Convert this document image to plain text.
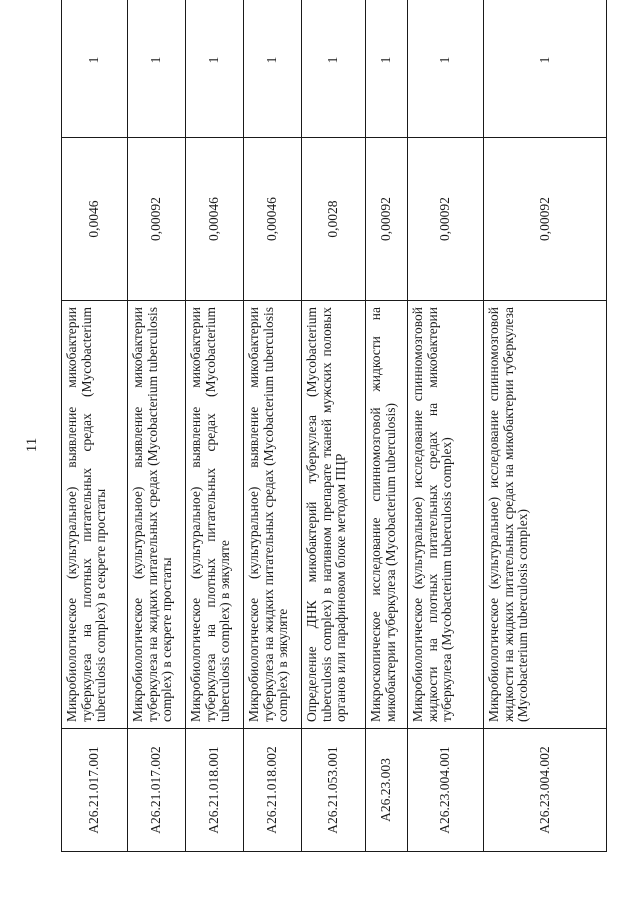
11
A26.21.017.001	Микробиологическое (культуральное) выявление микобактерии туберкулеза на плотных питательных средах (Mycobacterium tuberculosis complex) в секрете простаты	0,0046	1
A26.21.017.002	Микробиологическое (культуральное) выявление микобактерии туберкулеза на жидких питательных средах (Mycobacterium tuberculosis complex) в секрете простаты	0,00092	1
A26.21.018.001	Микробиологическое (культуральное) выявление микобактерии туберкулеза на плотных питательных средах (Mycobacterium tuberculosis complex) в эякуляте	0,00046	1
A26.21.018.002	Микробиологическое (культуральное) выявление микобактерии туберкулеза на жидких питательных средах (Mycobacterium tuberculosis complex) в эякуляте	0,00046	1
A26.21.053.001	Определение ДНК микобактерий туберкулеза (Mycobacterium tuberculosis complex) в нативном препарате тканей мужских половых органов или парафиновом блоке методом ПЦР	0,0028	1
A26.23.003	Микроскопическое исследование спинномозговой жидкости на микобактерии туберкулеза (Mycobacterium tuberculosis)	0,00092	1
A26.23.004.001	Микробиологическое (культуральное) исследование спинномозговой жидкости на плотных питательных средах на микобактерии туберкулеза (Mycobacterium tuberculosis complex)	0,00092	1
A26.23.004.002	Микробиологическое (культуральное) исследование спинномозговой жидкости на жидких питательных средах на микобактерии туберкулеза (Mycobacterium tuberculosis complex)	0,00092	1
